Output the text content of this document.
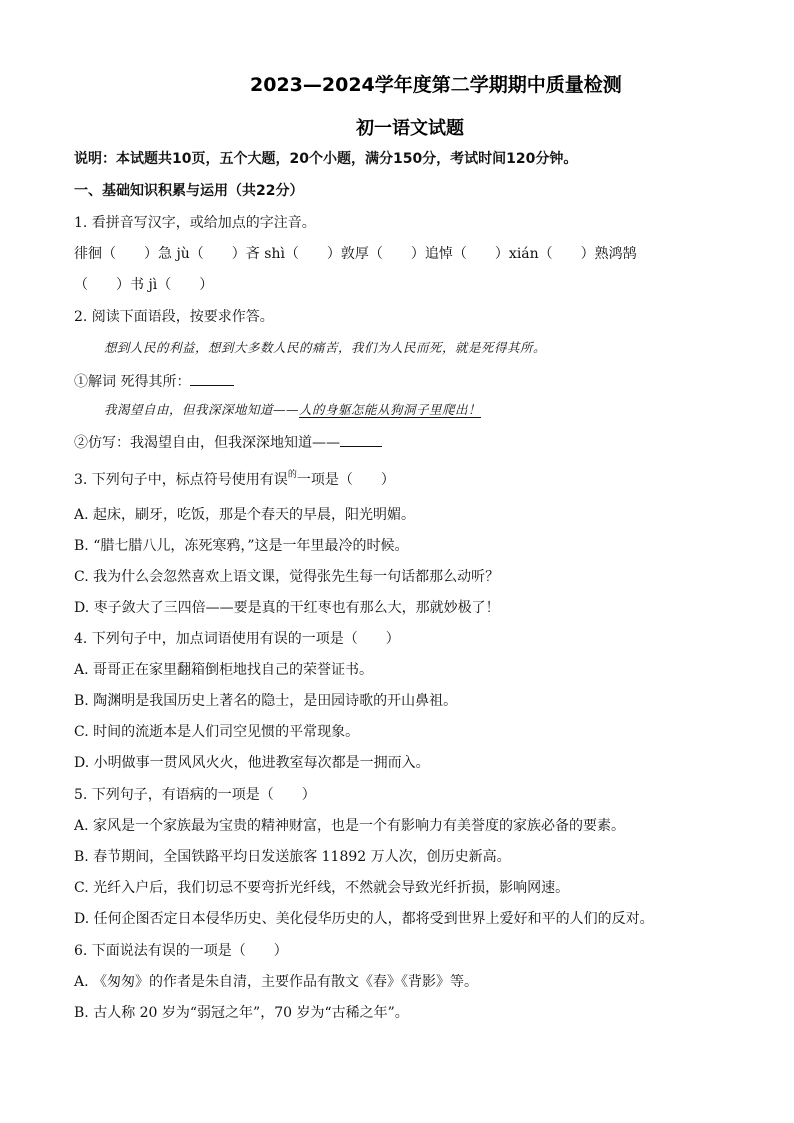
2023—2024学年度第二学期期中质量检测
初一语文试题
说明：本试题共10页，五个大题，20个小题，满分150分，考试时间120分钟。
一、基础知识积累与运用（共22分）
1. 看拼音写汉字，或给加点的字注音。
徘徊（　　）急 jù（　　）吝 shì（　　）敦厚（　　）追悼（　　）xián（　　）熟鸿鹄
（　　）书 jì（　　）
2. 阅读下面语段，按要求作答。
想到人民的利益，想到大多数人民的痛苦，我们为人民而死，就是死得其所。
①解词 死得其所：
我渴望自由，但我深深地知道——人的身躯怎能从狗洞子里爬出！
②仿写：我渴望自由，但我深深地知道——
3. 下列句子中，标点符号使用有误$^的$一项是（　　）
A. 起床，刷牙，吃饭，那是个春天的早晨，阳光明媚。
B. “腊七腊八儿，冻死寒鸦，”这是一年里最冷的时候。
C. 我为什么会忽然喜欢上语文课，觉得张先生每一句话都那么动听？
D. 枣子敛大了三四倍——要是真的干红枣也有那么大，那就妙极了！
4. 下列句子中，加点词语使用有误的一项是（　　）
A. 哥哥正在家里翻箱倒柜地找自己的荣誉证书。
B. 陶渊明是我国历史上著名的隐士，是田园诗歌的开山鼻祖。
C. 时间的流逝本是人们司空见惯的平常现象。
D. 小明做事一贯风风火火，他进教室每次都是一拥而入。
5. 下列句子，有语病的一项是（　　）
A. 家风是一个家族最为宝贵的精神财富，也是一个有影响力有美誉度的家族必备的要素。
B. 春节期间，全国铁路平均日发送旅客 11892 万人次，创历史新高。
C. 光纤入户后，我们切忌不要弯折光纤线，不然就会导致光纤折损，影响网速。
D. 任何企图否定日本侵华历史、美化侵华历史的人，都将受到世界上爱好和平的人们的反对。
6. 下面说法有误的一项是（　　）
A. 《匆匆》的作者是朱自清，主要作品有散文《春》《背影》等。
B. 古人称 20 岁为“弱冠之年”，70 岁为“古稀之年”。
